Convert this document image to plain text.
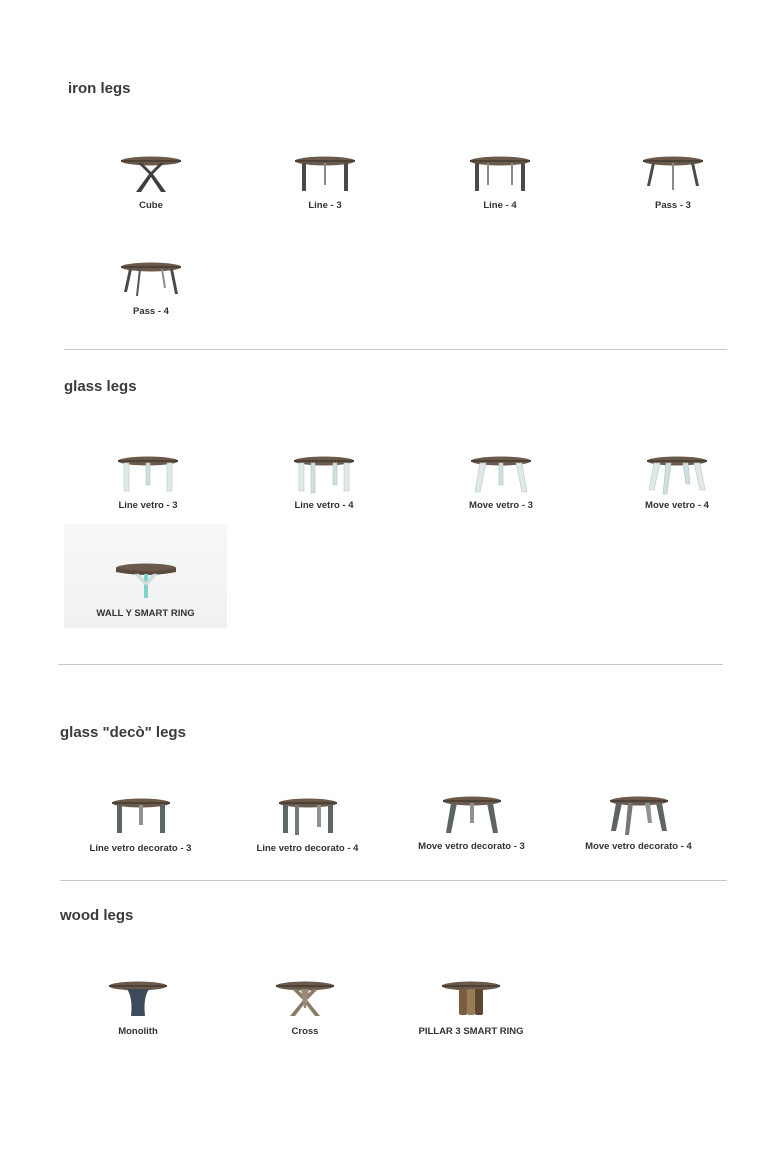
iron legs
Cube	Line - 3	Line - 4	Pass - 3
Pass - 4
glass legs
Line vetro - 3	Line vetro - 4	Move vetro - 3	Move vetro - 4
WALL Y SMART RING
glass "decò" legs
Line vetro decorato - 3	Line vetro decorato - 4	Move vetro decorato - 3	Move vetro decorato - 4
wood legs
Monolith	Cross	PILLAR 3 SMART RING
